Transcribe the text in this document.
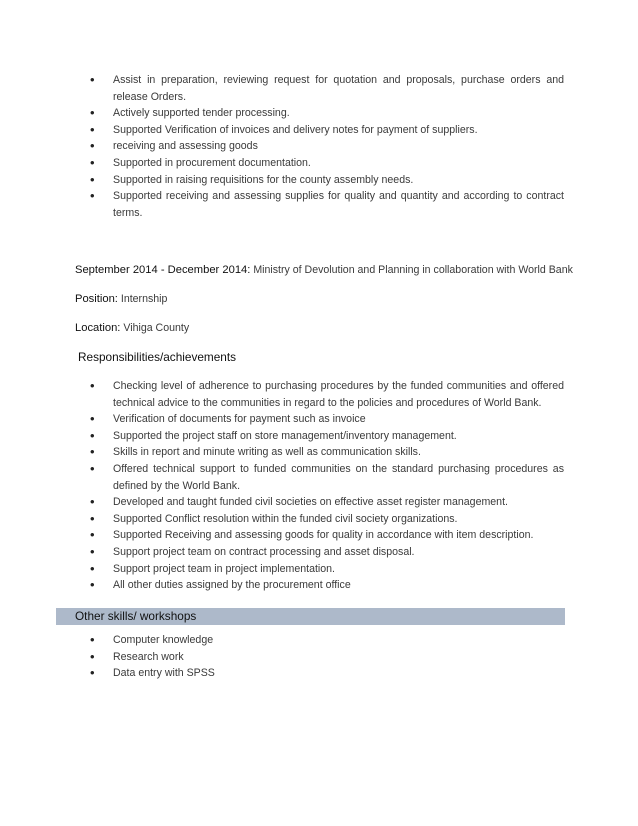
• Assist in preparation, reviewing request for quotation and proposals, purchase orders and release Orders.
• Actively supported tender processing.
• Supported Verification of invoices and delivery notes for payment of suppliers.
• receiving and assessing goods
• Supported in procurement documentation.
• Supported in raising requisitions for the county assembly needs.
• Supported receiving and assessing supplies for quality and quantity and according to contract terms.
September 2014 - December 2014: Ministry of Devolution and Planning in collaboration with World Bank
Position: Internship
Location: Vihiga County
Responsibilities/achievements
• Checking level of adherence to purchasing procedures by the funded communities and offered technical advice to the communities in regard to the policies and procedures of World Bank.
• Verification of documents for payment such as invoice
• Supported the project staff on store management/inventory management.
• Skills in report and minute writing as well as communication skills.
• Offered technical support to funded communities on the standard purchasing procedures as defined by the World Bank.
• Developed and taught funded civil societies on effective asset register management.
• Supported Conflict resolution within the funded civil society organizations.
• Supported Receiving and assessing goods for quality in accordance with item description.
• Support project team on contract processing and asset disposal.
• Support project team in project implementation.
• All other duties assigned by the procurement office
Other skills/ workshops
• Computer knowledge
• Research work
• Data entry with SPSS
